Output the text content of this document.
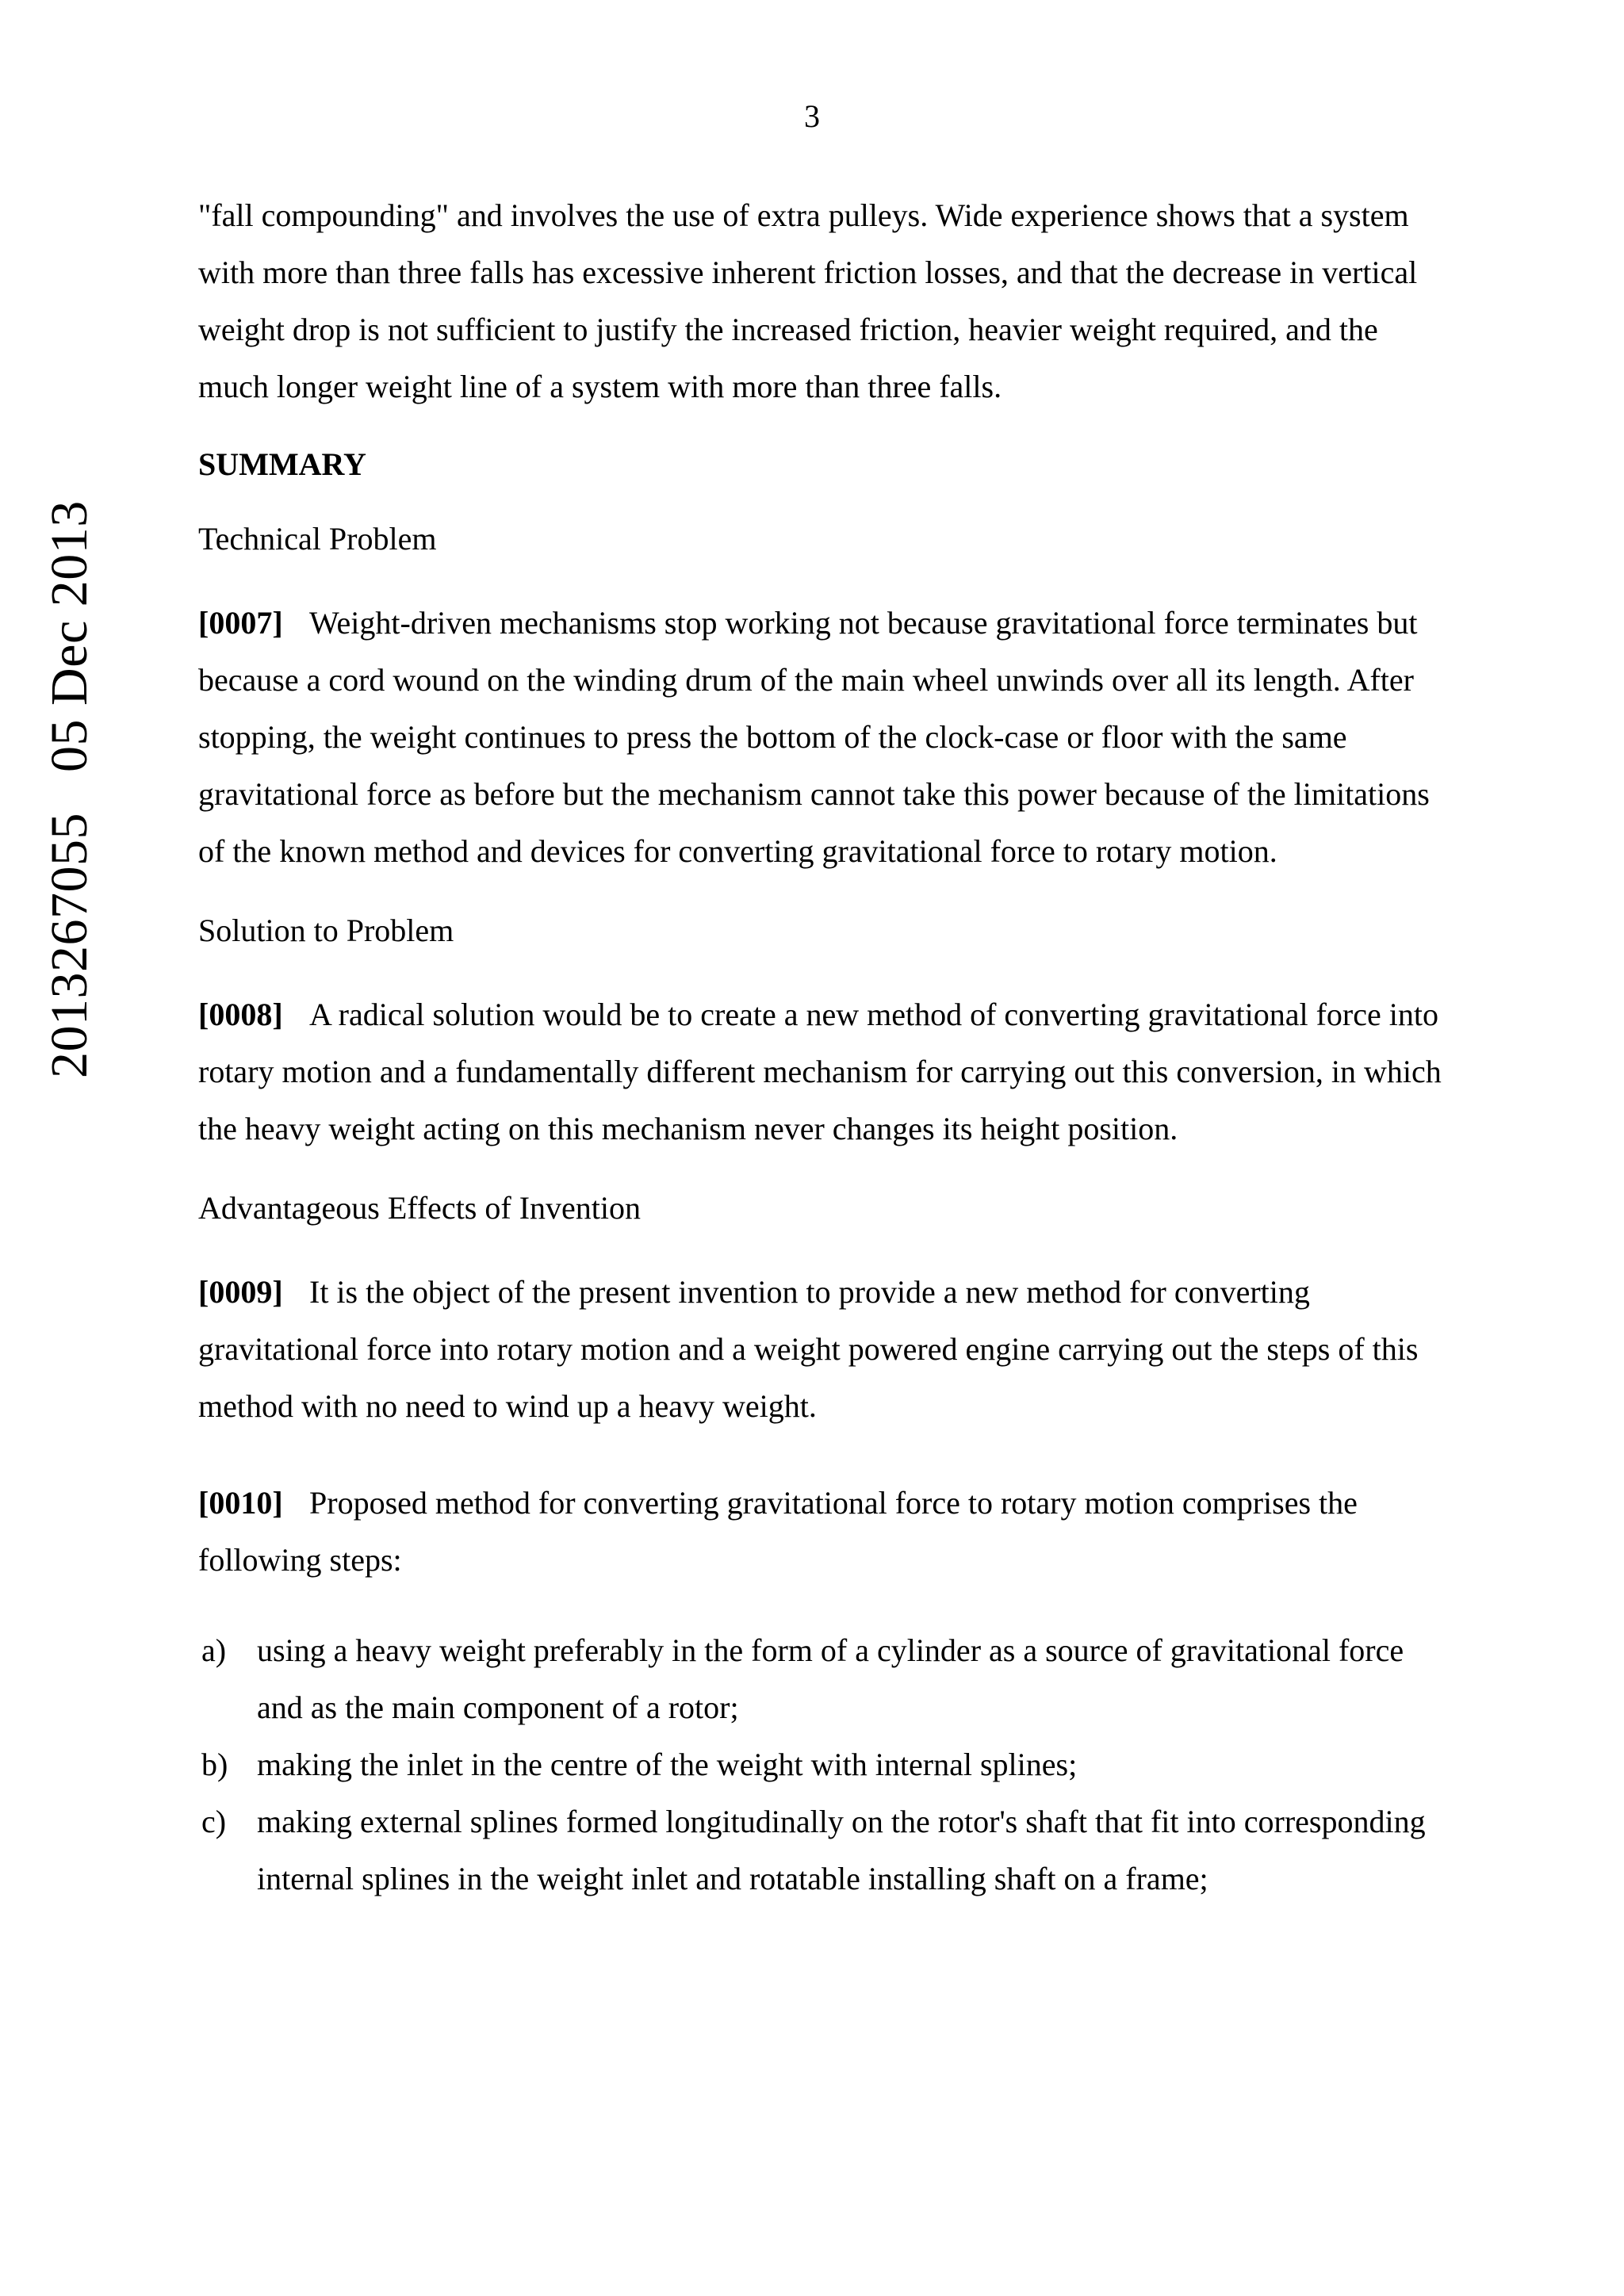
3
2013267055   05 Dec 2013

"fall compounding" and involves the use of extra pulleys. Wide experience shows that a system with more than three falls has excessive inherent friction losses, and that the decrease in vertical weight drop is not sufficient to justify the increased friction, heavier weight required, and the much longer weight line of a system with more than three falls.

SUMMARY

Technical Problem

[0007] Weight-driven mechanisms stop working not because gravitational force terminates but because a cord wound on the winding drum of the main wheel unwinds over all its length. After stopping, the weight continues to press the bottom of the clock-case or floor with the same gravitational force as before but the mechanism cannot take this power because of the limitations of the known method and devices for converting gravitational force to rotary motion.

Solution to Problem

[0008] A radical solution would be to create a new method of converting gravitational force into rotary motion and a fundamentally different mechanism for carrying out this conversion, in which the heavy weight acting on this mechanism never changes its height position.

Advantageous Effects of Invention

[0009] It is the object of the present invention to provide a new method for converting gravitational force into rotary motion and a weight powered engine carrying out the steps of this method with no need to wind up a heavy weight.

[0010] Proposed method for converting gravitational force to rotary motion comprises the following steps:

a) using a heavy weight preferably in the form of a cylinder as a source of gravitational force and as the main component of a rotor;
b) making the inlet in the centre of the weight with internal splines;
c) making external splines formed longitudinally on the rotor's shaft that fit into corresponding internal splines in the weight inlet and rotatable installing shaft on a frame;
